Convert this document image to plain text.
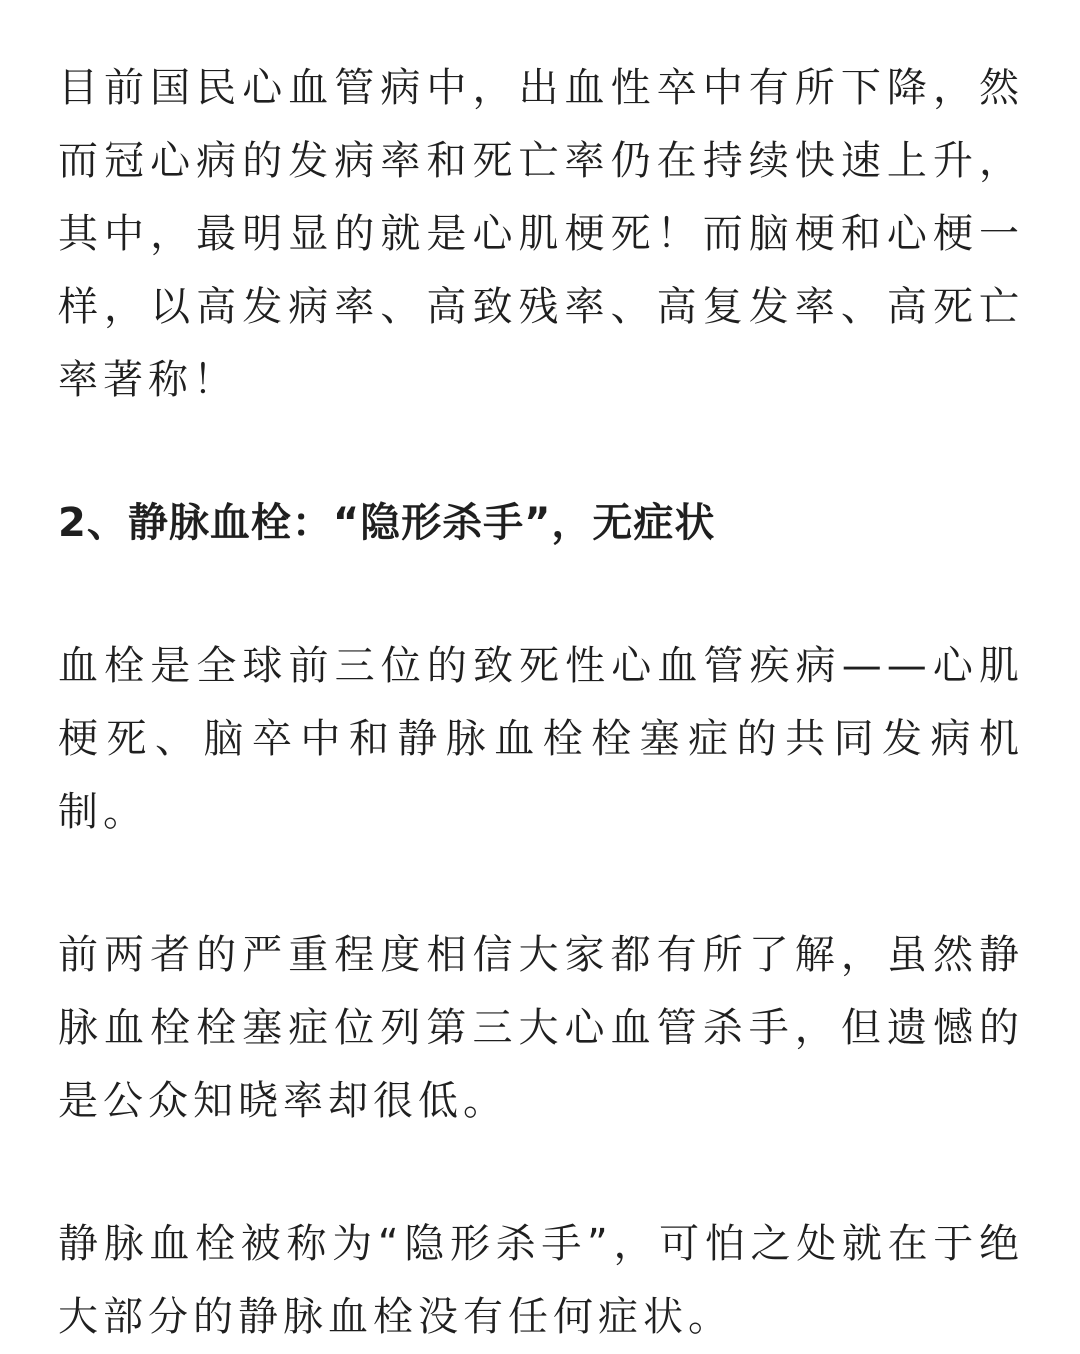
目前国民心血管病中，出血性卒中有所下降，然而冠心病的发病率和死亡率仍在持续快速上升，其中，最明显的就是心肌梗死！而脑梗和心梗一样，以高发病率、高致残率、高复发率、高死亡率著称！

2、静脉血栓：“隐形杀手”，无症状

血栓是全球前三位的致死性心血管疾病——心肌梗死、脑卒中和静脉血栓栓塞症的共同发病机制。

前两者的严重程度相信大家都有所了解，虽然静脉血栓栓塞症位列第三大心血管杀手，但遗憾的是公众知晓率却很低。

静脉血栓被称为“隐形杀手”，可怕之处就在于绝大部分的静脉血栓没有任何症状。
